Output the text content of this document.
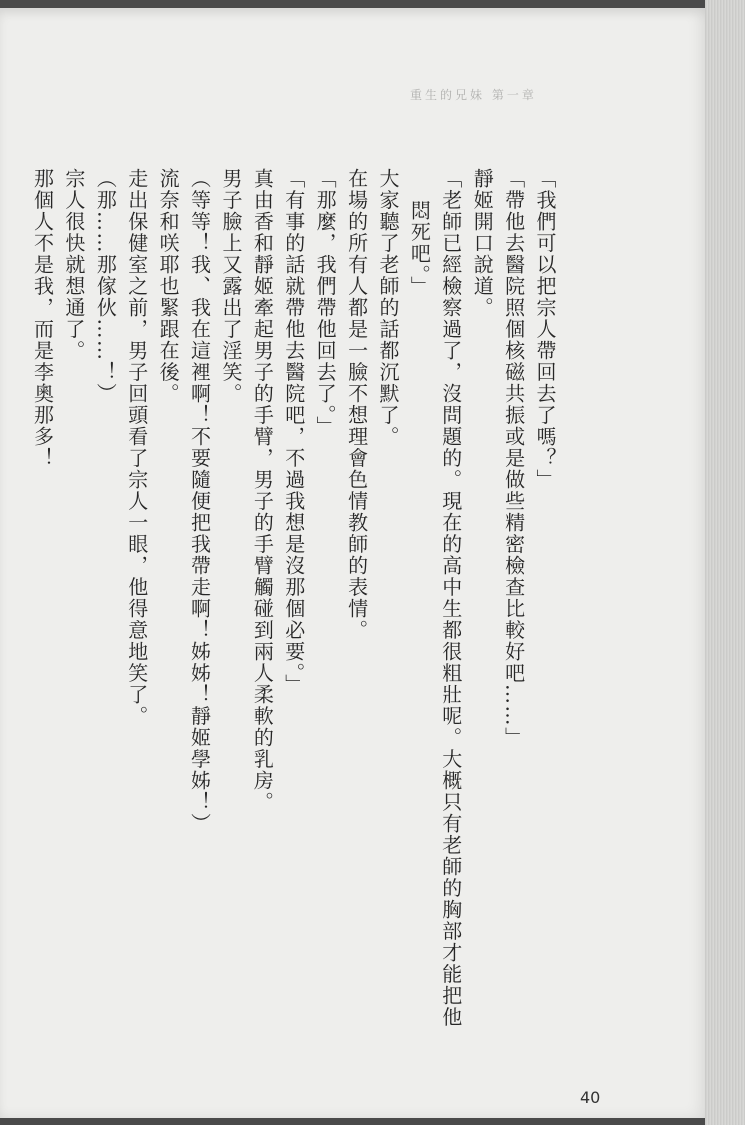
重生的兄妹 第一章

「我們可以把宗人帶回去了嗎？」

「帶他去醫院照個核磁共振或是做些精密檢查比較好吧……」

靜姬開口說道。

「老師已經檢察過了，沒問題的。現在的高中生都很粗壯呢。大概只有老師的胸部才能把他

悶死吧。」

大家聽了老師的話都沉默了。

在場的所有人都是一臉不想理會色情教師的表情。

「那麼，我們帶他回去了。」

「有事的話就帶他去醫院吧，不過我想是沒那個必要。」

真由香和靜姬牽起男子的手臂，男子的手臂觸碰到兩人柔軟的乳房。

男子臉上又露出了淫笑。

（等等！我、我在這裡啊！不要隨便把我帶走啊！姊姊！靜姬學姊！）

流奈和咲耶也緊跟在後。

走出保健室之前，男子回頭看了宗人一眼，他得意地笑了。

（那……那傢伙……！）

宗人很快就想通了。

那個人不是我，而是李奧那多！

40
